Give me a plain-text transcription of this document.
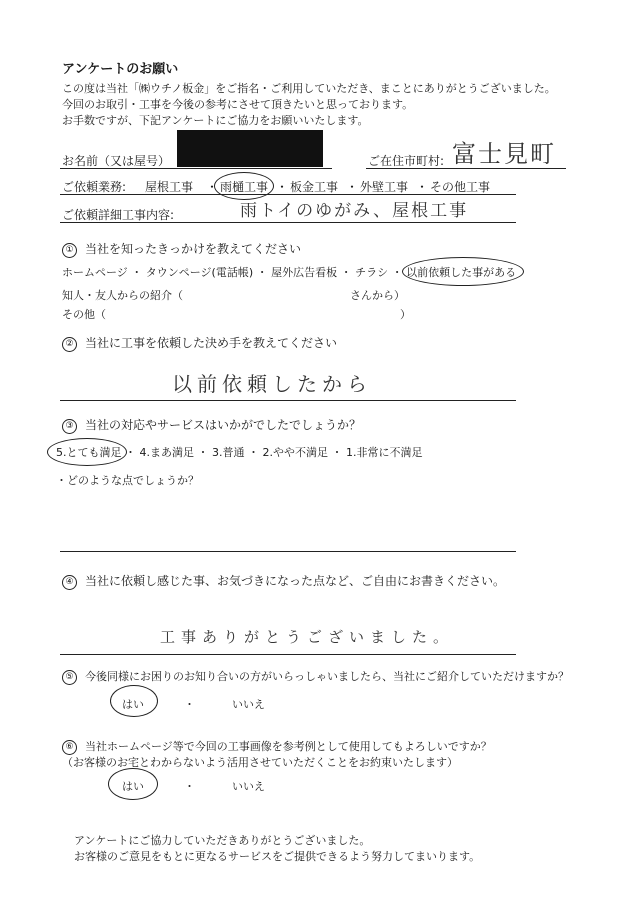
アンケートのお願い
この度は当社「㈱ウチノ板金」をご指名・ご利用していただき、まことにありがとうございました。
今回のお取引・工事を今後の参考にさせて頂きたいと思っております。
お手数ですが、下記アンケートにご協力をお願いいたします。
お名前（又は屋号）	ご在住市町村: 富士見町
ご依頼業務: 屋根工事 ・ 雨樋工事 ・ 板金工事 ・ 外壁工事 ・ その他工事
ご依頼詳細工事内容:	雨トイのゆがみ、屋根工事
① 当社を知ったきっかけを教えてください
ホームページ ・ タウンページ(電話帳) ・ 屋外広告看板 ・ チラシ ・ 以前依頼した事がある
知人・友人からの紹介（	さんから）
その他（	）
② 当社に工事を依頼した決め手を教えてください
以前依頼したから
③ 当社の対応やサービスはいかがでしたでしょうか？
5.とても満足 ・ 4.まあ満足 ・ 3.普通 ・ 2.やや不満足 ・ 1.非常に不満足
・どのような点でしょうか？
④ 当社に依頼し感じた事、お気づきになった点など、ご自由にお書きください。
工事ありがとうございました。
⑤ 今後同様にお困りのお知り合いの方がいらっしゃいましたら、当社にご紹介していただけますか？
はい	・	いいえ
⑥ 当社ホームページ等で今回の工事画像を参考例として使用してもよろしいですか？
（お客様のお宅とわからないよう活用させていただくことをお約束いたします）
はい	・	いいえ
アンケートにご協力していただきありがとうございました。
お客様のご意見をもとに更なるサービスをご提供できるよう努力してまいります。
